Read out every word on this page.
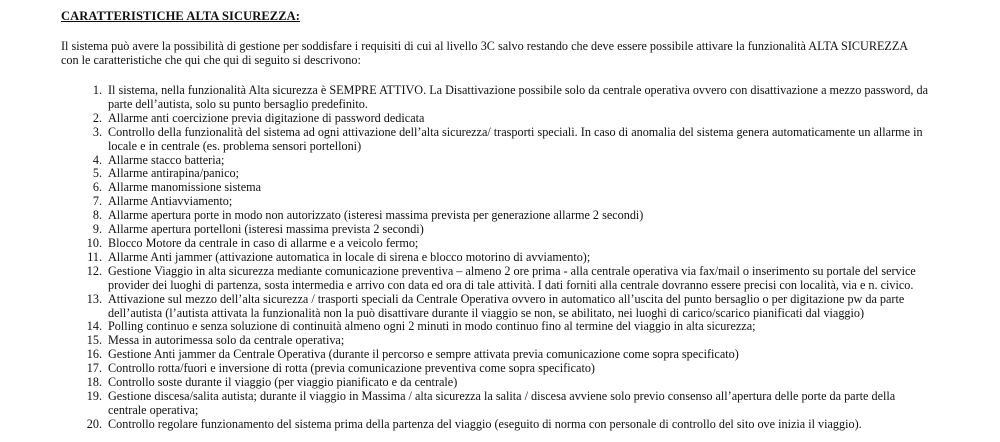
CARATTERISTICHE ALTA SICUREZZA:

Il sistema può avere la possibilità di gestione per soddisfare i requisiti di cui al livello 3C salvo restando che deve essere possibile attivare la funzionalità ALTA SICUREZZA

con le caratteristiche che qui che qui di seguito si descrivono:

1. Il sistema, nella funzionalità Alta sicurezza è SEMPRE ATTIVO. La Disattivazione possibile solo da centrale operativa ovvero con disattivazione a mezzo password, da
parte dell’autista, solo su punto bersaglio predefinito.
2. Allarme anti coercizione previa digitazione di password dedicata
3. Controllo della funzionalità del sistema ad ogni attivazione dell’alta sicurezza/ trasporti speciali. In caso di anomalia del sistema genera automaticamente un allarme in
locale e in centrale (es. problema sensori portelloni)
4. Allarme stacco batteria;
5. Allarme antirapina/panico;
6. Allarme manomissione sistema
7. Allarme Antiavviamento;
8. Allarme apertura porte in modo non autorizzato (isteresi massima prevista per generazione allarme 2 secondi)
9. Allarme apertura portelloni (isteresi massima prevista 2 secondi)
10. Blocco Motore da centrale in caso di allarme e a veicolo fermo;
11. Allarme Anti jammer (attivazione automatica in locale di sirena e blocco motorino di avviamento);
12. Gestione Viaggio in alta sicurezza mediante comunicazione preventiva – almeno 2 ore prima - alla centrale operativa via fax/mail o inserimento su portale del service
provider dei luoghi di partenza, sosta intermedia e arrivo con data ed ora di tale attività. I dati forniti alla centrale dovranno essere precisi con località, via e n. civico.
13. Attivazione sul mezzo dell’alta sicurezza / trasporti speciali da Centrale Operativa ovvero in automatico all’uscita del punto bersaglio o per digitazione pw da parte
dell’autista (l’autista attivata la funzionalità non la può disattivare durante il viaggio se non, se abilitato, nei luoghi di carico/scarico pianificati dal viaggio)
14. Polling continuo e senza soluzione di continuità almeno ogni 2 minuti in modo continuo fino al termine del viaggio in alta sicurezza;
15. Messa in autorimessa solo da centrale operativa;
16. Gestione Anti jammer da Centrale Operativa (durante il percorso e sempre attivata previa comunicazione come sopra specificato)
17. Controllo rotta/fuori e inversione di rotta (previa comunicazione preventiva come sopra specificato)
18. Controllo soste durante il viaggio (per viaggio pianificato e da centrale)
19. Gestione discesa/salita autista; durante il viaggio in Massima / alta sicurezza la salita / discesa avviene solo previo consenso all’apertura delle porte da parte della
centrale operativa;
20. Controllo regolare funzionamento del sistema prima della partenza del viaggio (eseguito di norma con personale di controllo del sito ove inizia il viaggio).
